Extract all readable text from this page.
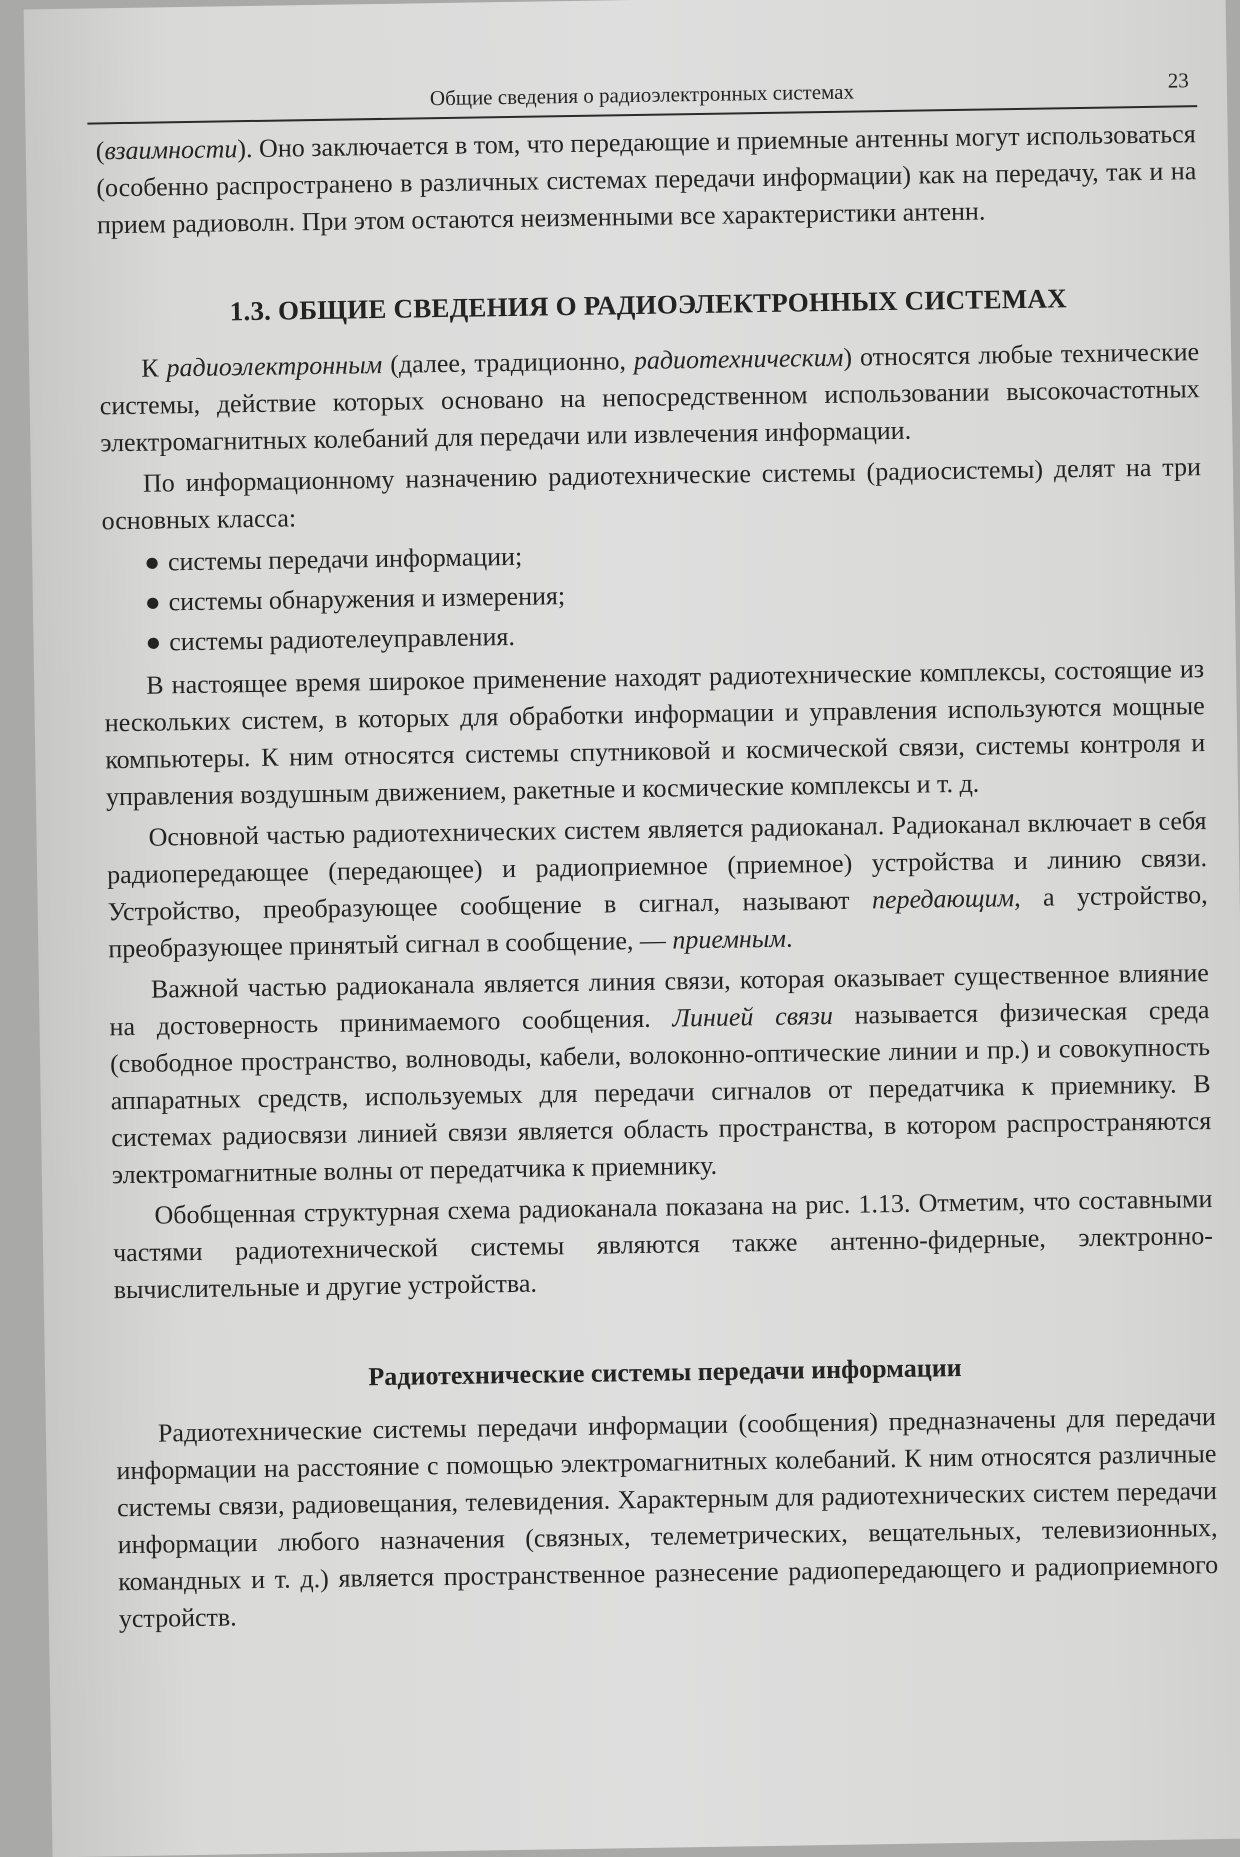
Общие сведения о радиоэлектронных системах	23

(взаимности). Оно заключается в том, что передающие и приемные антенны могут использоваться (особенно распространено в различных системах передачи информации) как на передачу, так и на прием радиоволн. При этом остаются неизменными все характеристики антенн.

1.3. ОБЩИЕ СВЕДЕНИЯ О РАДИОЭЛЕКТРОННЫХ СИСТЕМАХ

К радиоэлектронным (далее, традиционно, радиотехническим) относятся любые технические системы, действие которых основано на непосредственном использовании высокочастотных электромагнитных колебаний для передачи или извлечения информации.

По информационному назначению радиотехнические системы (радиосистемы) делят на три основных класса:

● системы передачи информации;
● системы обнаружения и измерения;
● системы радиотелеуправления.

В настоящее время широкое применение находят радиотехнические комплексы, состоящие из нескольких систем, в которых для обработки информации и управления используются мощные компьютеры. К ним относятся системы спутниковой и космической связи, системы контроля и управления воздушным движением, ракетные и космические комплексы и т. д.

Основной частью радиотехнических систем является радиоканал. Радиоканал включает в себя радиопередающее (передающее) и радиоприемное (приемное) устройства и линию связи. Устройство, преобразующее сообщение в сигнал, называют передающим, а устройство, преобразующее принятый сигнал в сообщение, — приемным.

Важной частью радиоканала является линия связи, которая оказывает существенное влияние на достоверность принимаемого сообщения. Линией связи называется физическая среда (свободное пространство, волноводы, кабели, волоконно-оптические линии и пр.) и совокупность аппаратных средств, используемых для передачи сигналов от передатчика к приемнику. В системах радиосвязи линией связи является область пространства, в котором распространяются электромагнитные волны от передатчика к приемнику.

Обобщенная структурная схема радиоканала показана на рис. 1.13. Отметим, что составными частями радиотехнической системы являются также антенно-фидерные, электронно-вычислительные и другие устройства.

Радиотехнические системы передачи информации

Радиотехнические системы передачи информации (сообщения) предназначены для передачи информации на расстояние с помощью электромагнитных колебаний. К ним относятся различные системы связи, радиовещания, телевидения. Характерным для радиотехнических систем передачи информации любого назначения (связных, телеметрических, вещательных, телевизионных, командных и т. д.) является пространственное разнесение радиопередающего и радиоприемного устройств.
